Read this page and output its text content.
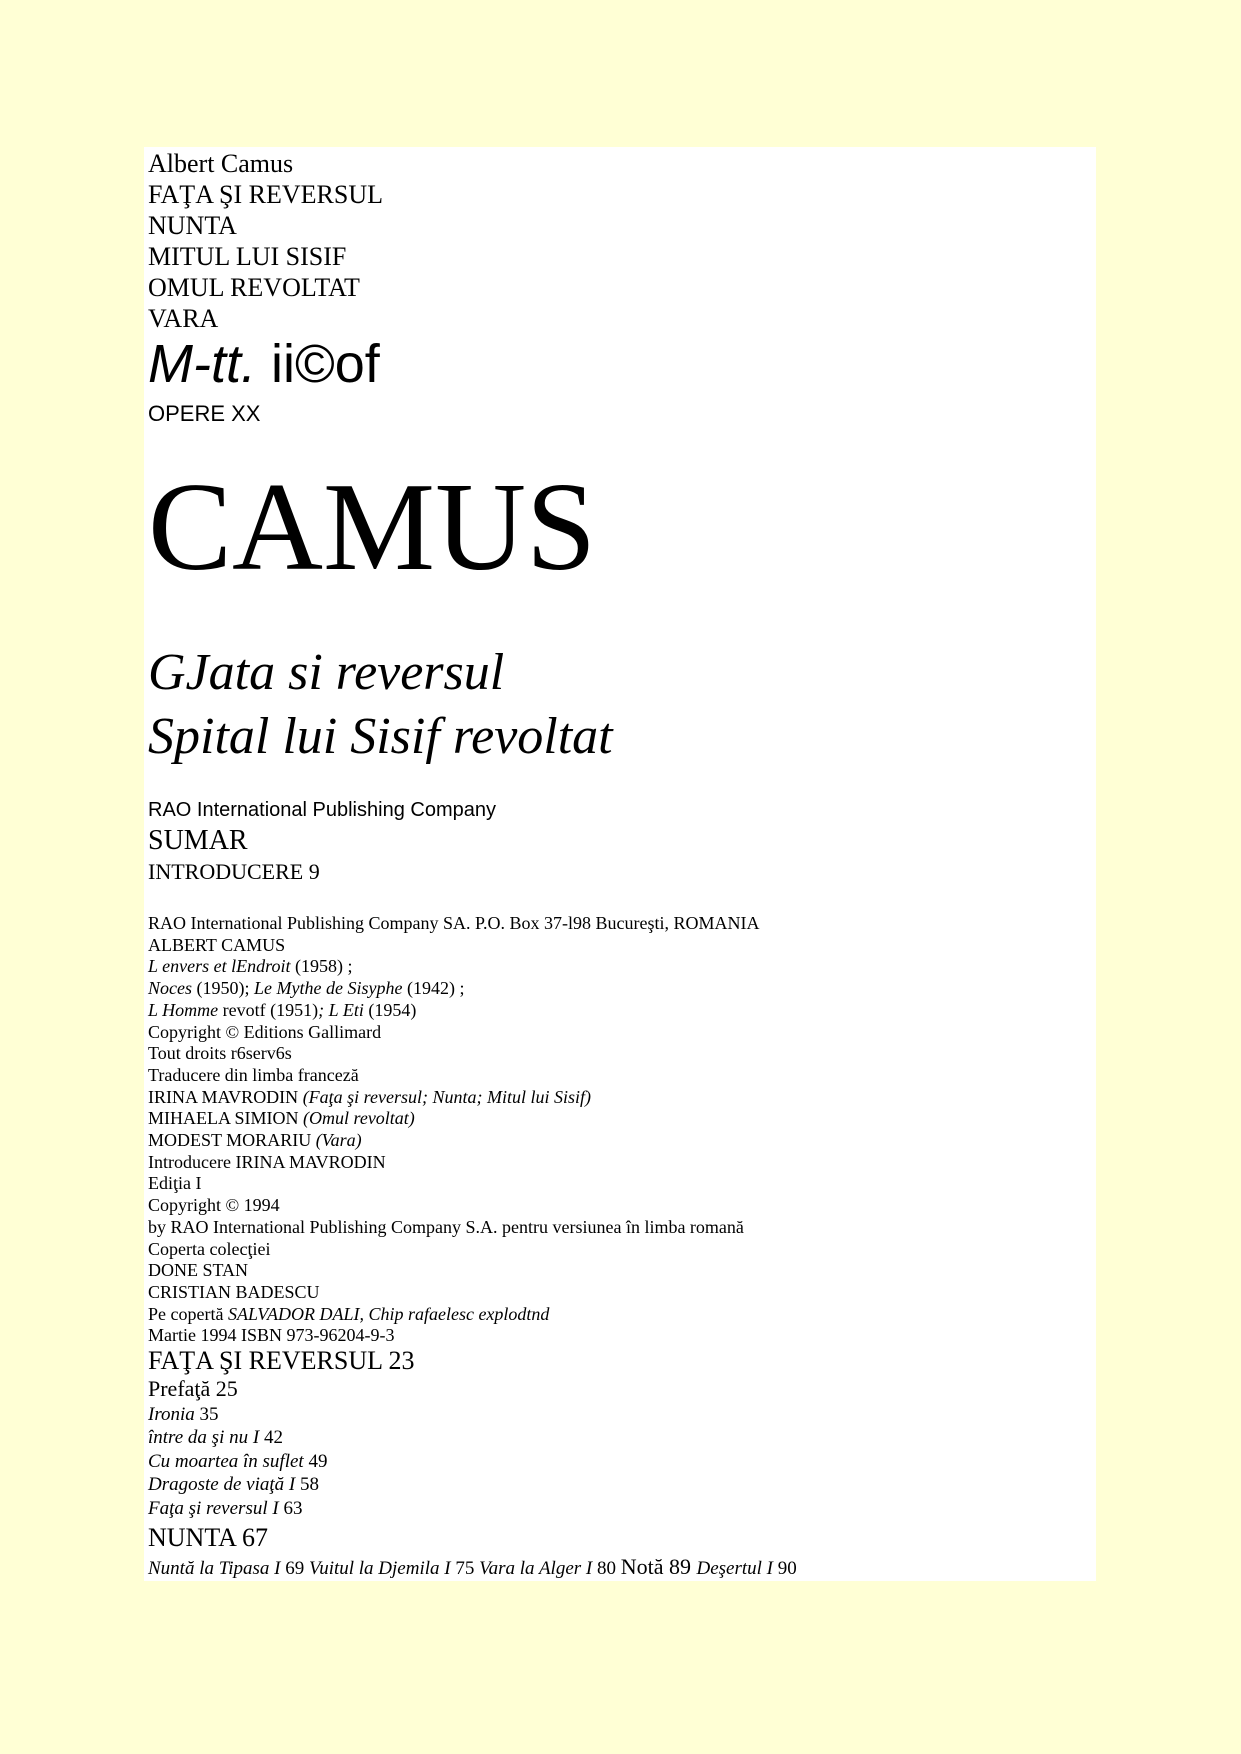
Albert Camus
FAŢA ŞI REVERSUL
NUNTA
MITUL LUI SISIF
OMUL REVOLTAT
VARA
M-tt. ii©of
OPERE XX
CAMUS
GJata si reversul
Spital lui Sisif revoltat
RAO International Publishing Company
SUMAR
INTRODUCERE 9
RAO International Publishing Company SA. P.O. Box 37-l98 Bucureşti, ROMANIA
ALBERT CAMUS
L envers et lEndroit (1958) ;
Noces (1950); Le Mythe de Sisyphe (1942) ;
L Homme revotf (1951); L Eti (1954)
Copyright © Editions Gallimard
Tout droits r6serv6s
Traducere din limba franceză
IRINA MAVRODIN (Faţa şi reversul; Nunta; Mitul lui Sisif)
MIHAELA SIMION (Omul revoltat)
MODEST MORARIU (Vara)
Introducere IRINA MAVRODIN
Ediţia I
Copyright © 1994
by RAO International Publishing Company S.A. pentru versiunea în limba romană
Coperta colecţiei
DONE STAN
CRISTIAN BADESCU
Pe copertă SALVADOR DALI, Chip rafaelesc explodtnd
Martie 1994 ISBN 973-96204-9-3
FAŢA ŞI REVERSUL 23
Prefaţă 25
Ironia 35
între da şi nu I 42
Cu moartea în suflet 49
Dragoste de viaţă I 58
Faţa şi reversul I 63
NUNTA 67
Nuntă la Tipasa I 69 Vuitul la Djemila I 75 Vara la Alger I 80 Notă 89 Deşertul I 90
